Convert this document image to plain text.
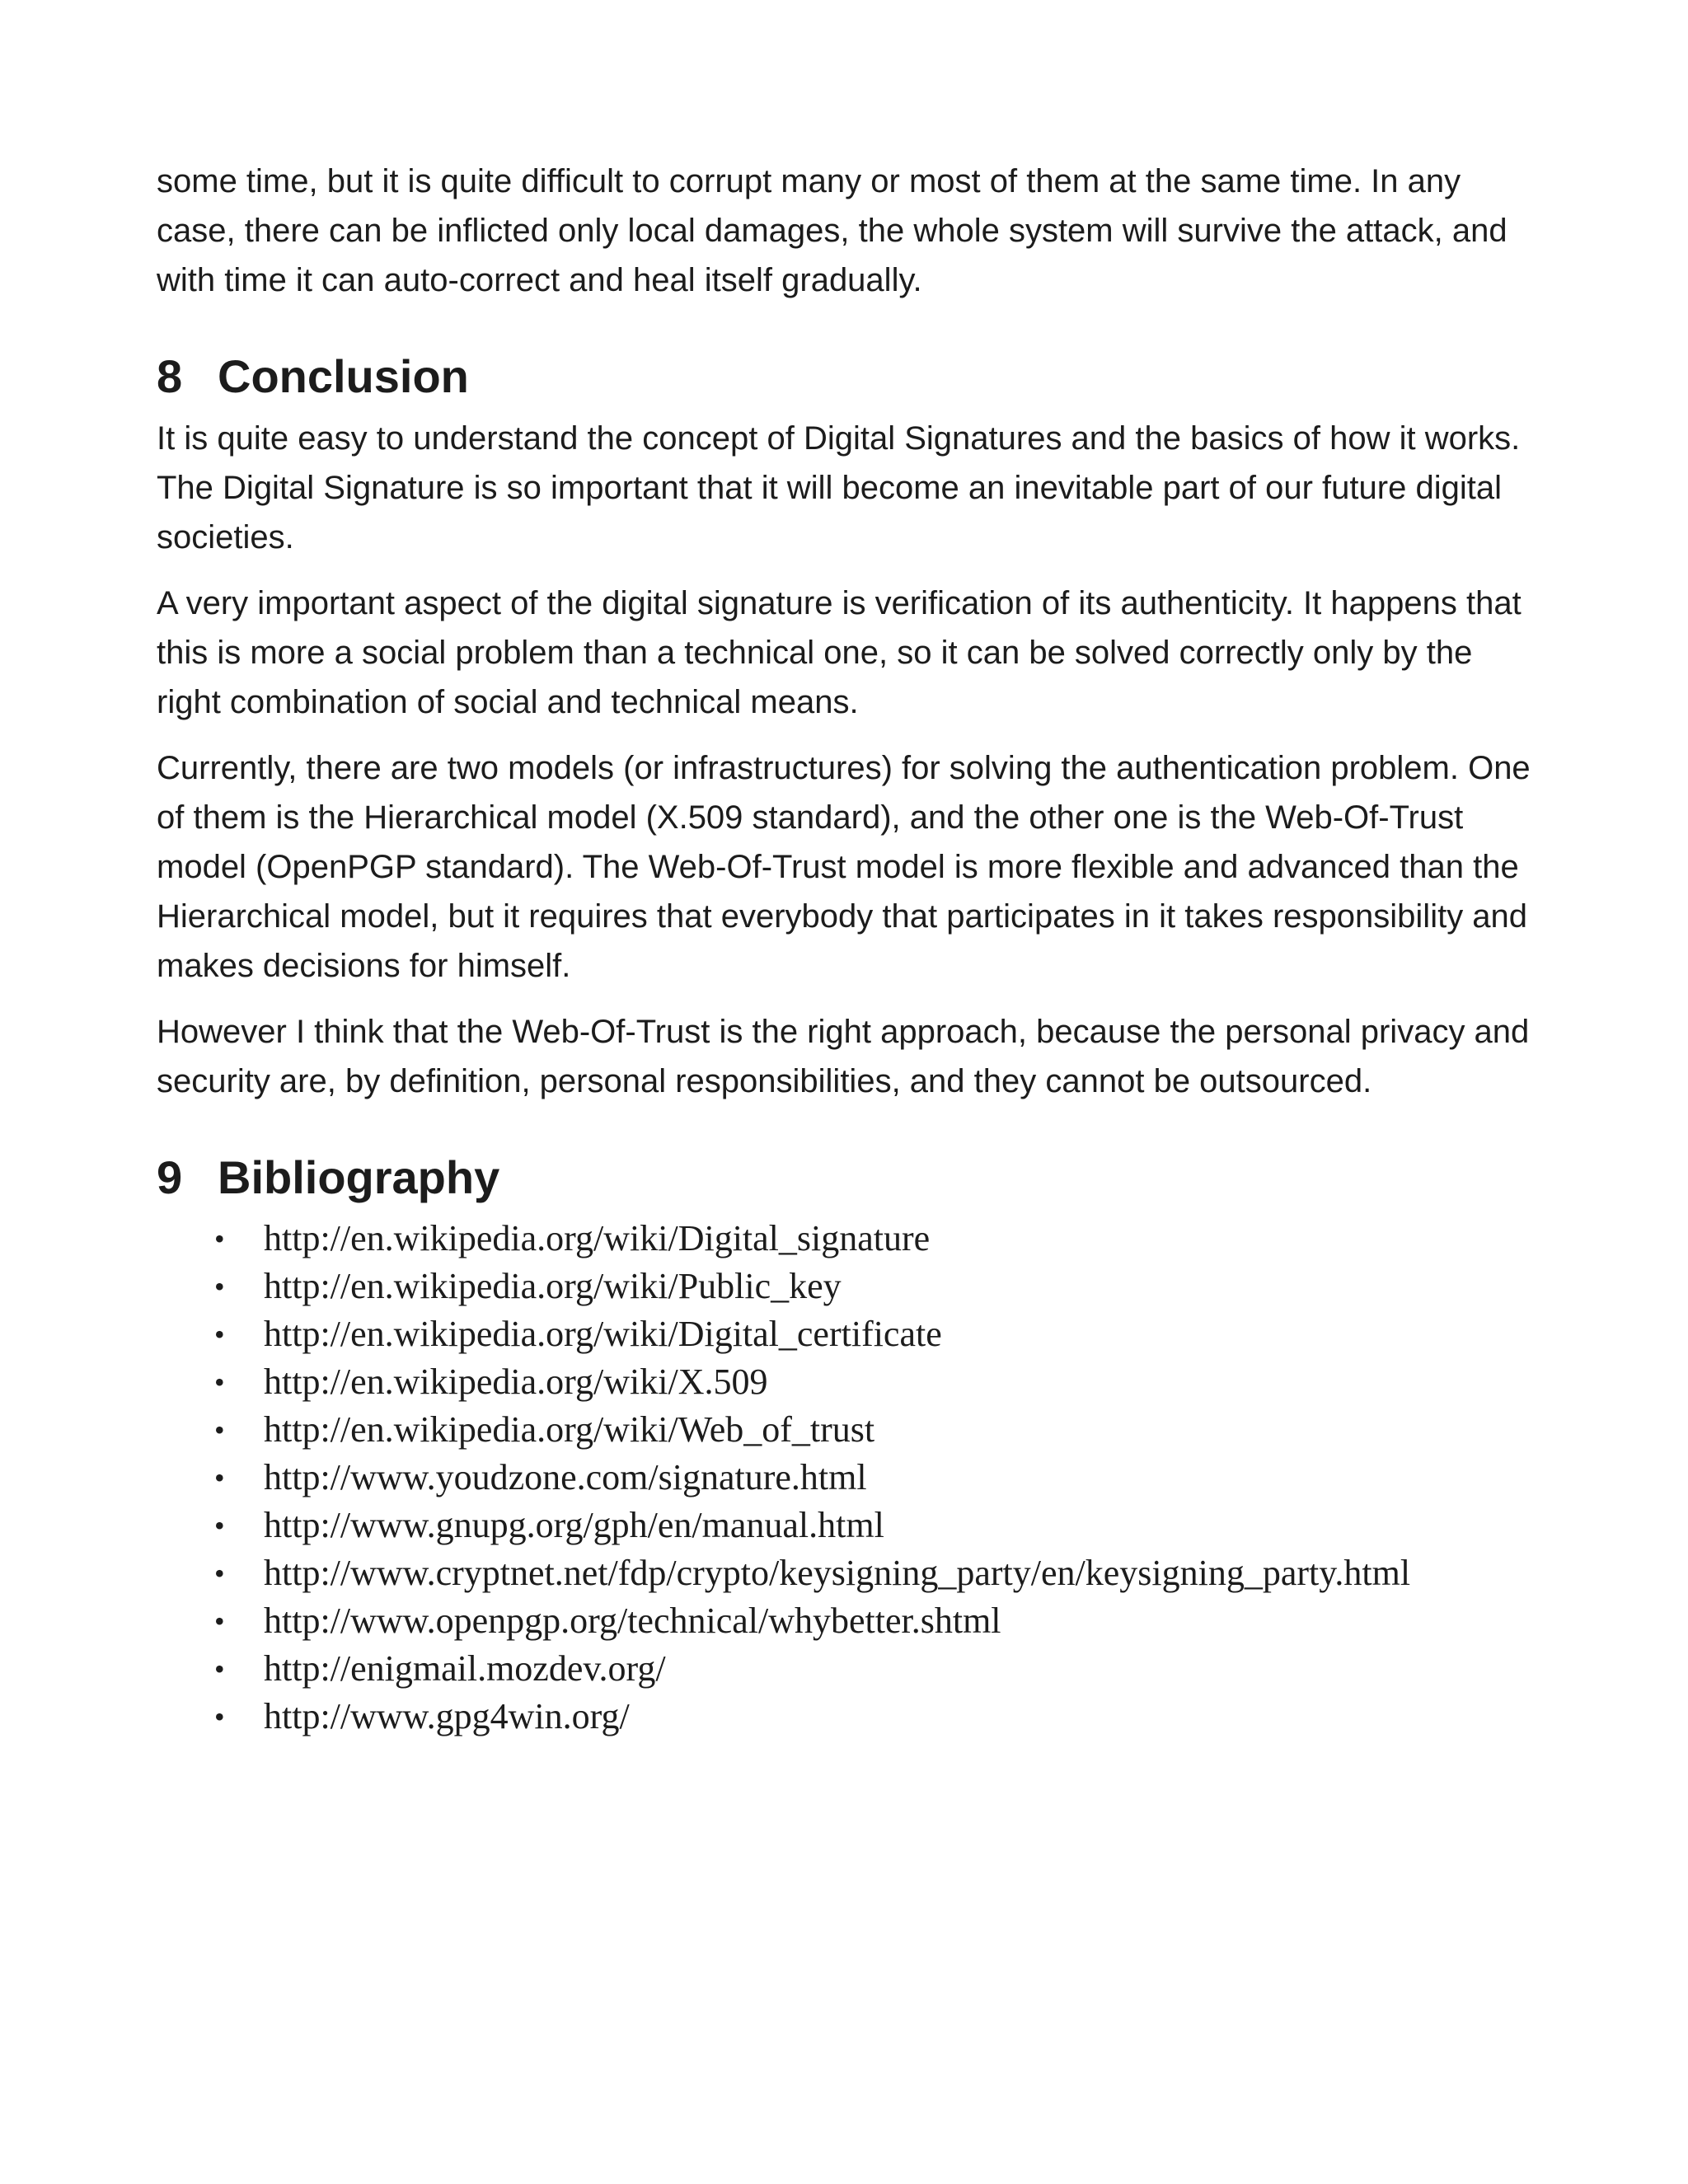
some time, but it is quite difficult to corrupt many or most of them at the same time. In any case, there can be inflicted only local damages, the whole system will survive the attack, and with time it can auto-correct and heal itself gradually.

8 Conclusion

It is quite easy to understand the concept of Digital Signatures and the basics of how it works. The Digital Signature is so important that it will become an inevitable part of our future digital societies.

A very important aspect of the digital signature is verification of its authenticity. It happens that this is more a social problem than a technical one, so it can be solved correctly only by the right combination of social and technical means.

Currently, there are two models (or infrastructures) for solving the authentication problem. One of them is the Hierarchical model (X.509 standard), and the other one is the Web-Of-Trust model (OpenPGP standard). The Web-Of-Trust model is more flexible and advanced than the Hierarchical model, but it requires that everybody that participates in it takes responsibility and makes decisions for himself.

However I think that the Web-Of-Trust is the right approach, because the personal privacy and security are, by definition, personal responsibilities, and they cannot be outsourced.

9 Bibliography
•	http://en.wikipedia.org/wiki/Digital_signature
•	http://en.wikipedia.org/wiki/Public_key
•	http://en.wikipedia.org/wiki/Digital_certificate
•	http://en.wikipedia.org/wiki/X.509
•	http://en.wikipedia.org/wiki/Web_of_trust
•	http://www.youdzone.com/signature.html
•	http://www.gnupg.org/gph/en/manual.html
•	http://www.cryptnet.net/fdp/crypto/keysigning_party/en/keysigning_party.html
•	http://www.openpgp.org/technical/whybetter.shtml
•	http://enigmail.mozdev.org/
•	http://www.gpg4win.org/
